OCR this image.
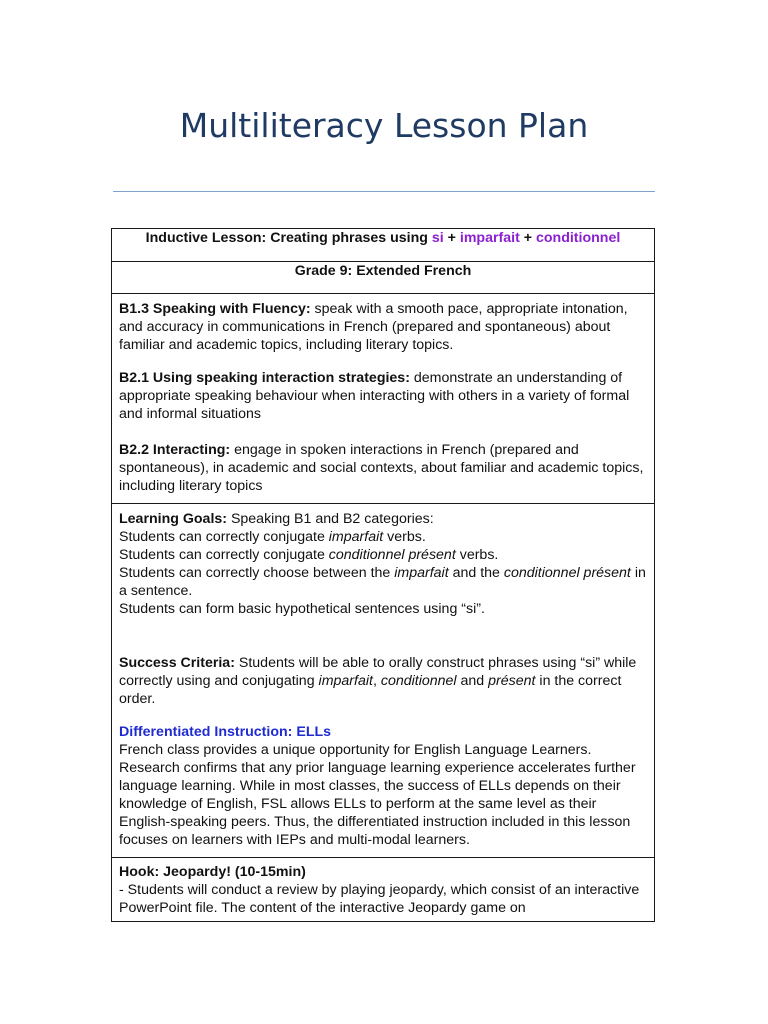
Multiliteracy Lesson Plan
Inductive Lesson: Creating phrases using si + imparfait + conditionnel
Grade 9: Extended French

B1.3 Speaking with Fluency: speak with a smooth pace, appropriate intonation, and accuracy in communications in French (prepared and spontaneous) about familiar and academic topics, including literary topics.

B2.1 Using speaking interaction strategies: demonstrate an understanding of appropriate speaking behaviour when interacting with others in a variety of formal and informal situations

B2.2 Interacting: engage in spoken interactions in French (prepared and spontaneous), in academic and social contexts, about familiar and academic topics, including literary topics

Learning Goals: Speaking B1 and B2 categories:
Students can correctly conjugate imparfait verbs.
Students can correctly conjugate conditionnel présent verbs.
Students can correctly choose between the imparfait and the conditionnel présent in a sentence.
Students can form basic hypothetical sentences using “si”.

Success Criteria: Students will be able to orally construct phrases using “si” while correctly using and conjugating imparfait, conditionnel and présent in the correct order.

Differentiated Instruction: ELLs
French class provides a unique opportunity for English Language Learners. Research confirms that any prior language learning experience accelerates further language learning. While in most classes, the success of ELLs depends on their knowledge of English, FSL allows ELLs to perform at the same level as their English-speaking peers. Thus, the differentiated instruction included in this lesson focuses on learners with IEPs and multi-modal learners.

Hook: Jeopardy! (10-15min)
- Students will conduct a review by playing jeopardy, which consist of an interactive PowerPoint file. The content of the interactive Jeopardy game on
